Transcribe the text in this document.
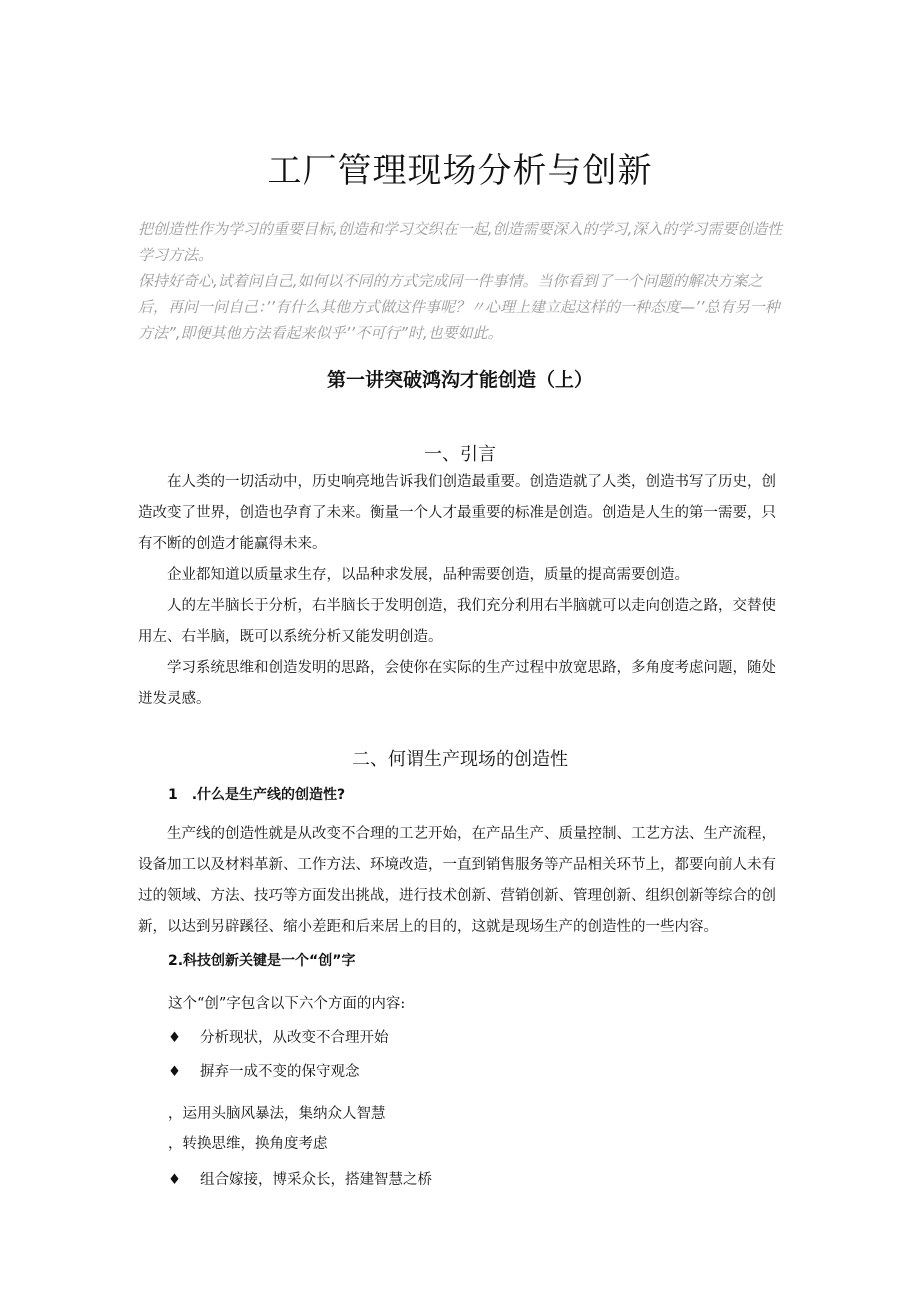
工厂管理现场分析与创新

把创造性作为学习的重要目标,创造和学习交织在一起,创造需要深入的学习,深入的学习需要创造性学习方法。

保持好奇心,试着问自己,如何以不同的方式完成同一件事情。当你看到了一个问题的解决方案之后，再问一问自己：’’有什么其他方式做这件事呢？〃心理上建立起这样的一种态度—’’总有另一种方法”,即便其他方法看起来似乎’’不可行”时,也要如此。

第一讲突破鸿沟才能创造（上）
一、引言

在人类的一切活动中，历史响亮地告诉我们创造最重要。创造造就了人类，创造书写了历史，创造改变了世界，创造也孕育了未来。衡量一个人才最重要的标准是创造。创造是人生的第一需要，只有不断的创造才能赢得未来。

企业都知道以质量求生存，以品种求发展，品种需要创造，质量的提高需要创造。

人的左半脑长于分析，右半脑长于发明创造，我们充分利用右半脑就可以走向创造之路，交替使用左、右半脑，既可以系统分析又能发明创造。

学习系统思维和创造发明的思路，会使你在实际的生产过程中放宽思路，多角度考虑问题，随处迸发灵感。

二、何谓生产现场的创造性
1　.什么是生产线的创造性?

生产线的创造性就是从改变不合理的工艺开始，在产品生产、质量控制、工艺方法、生产流程，设备加工以及材料革新、工作方法、环境改造，一直到销售服务等产品相关环节上，都要向前人未有过的领域、方法、技巧等方面发出挑战，进行技术创新、营销创新、管理创新、组织创新等综合的创新，以达到另辟蹊径、缩小差距和后来居上的目的，这就是现场生产的创造性的一些内容。

2.科技创新关键是一个“创”字
这个“创”字包含以下六个方面的内容:
♦ 分析现状，从改变不合理开始
♦ 摒弃一成不变的保守观念
，运用头脑风暴法，集纳众人智慧
，转换思维，换角度考虑
♦ 组合嫁接，博采众长，搭建智慧之桥
